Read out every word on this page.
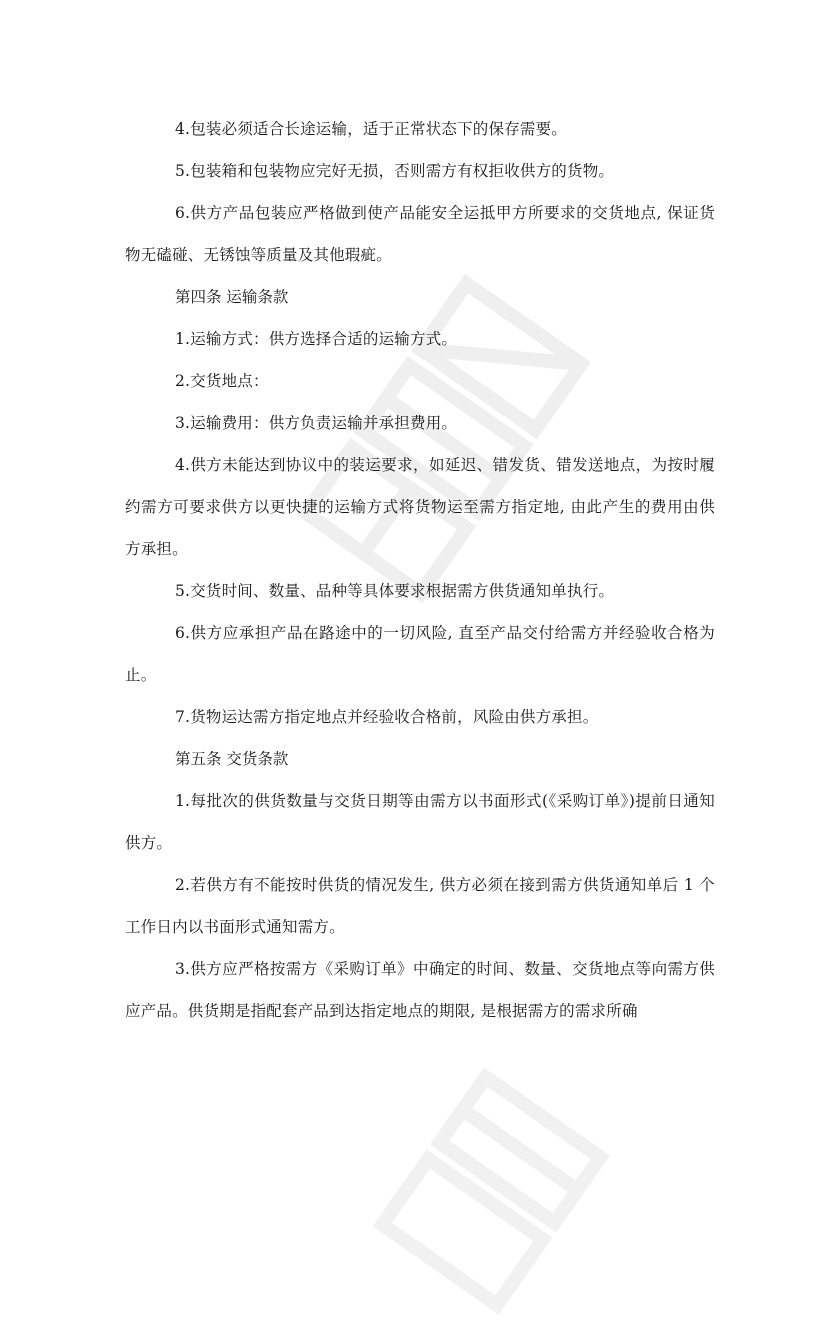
4.包装必须适合长途运输，适于正常状态下的保存需要。

5.包装箱和包装物应完好无损，否则需方有权拒收供方的货物。

6.供方产品包装应严格做到使产品能安全运抵甲方所要求的交货地点, 保证货物无磕碰、无锈蚀等质量及其他瑕疵。

第四条 运输条款

1.运输方式：供方选择合适的运输方式。

2.交货地点：

3.运输费用：供方负责运输并承担费用。

4.供方未能达到协议中的装运要求，如延迟、错发货、错发送地点，为按时履约需方可要求供方以更快捷的运输方式将货物运至需方指定地, 由此产生的费用由供方承担。

5.交货时间、数量、品种等具体要求根据需方供货通知单执行。

6.供方应承担产品在路途中的一切风险, 直至产品交付给需方并经验收合格为止。

7.货物运达需方指定地点并经验收合格前，风险由供方承担。

第五条 交货条款

1.每批次的供货数量与交货日期等由需方以书面形式(《采购订单》)提前日通知供方。

2.若供方有不能按时供货的情况发生, 供方必须在接到需方供货通知单后 1 个工作日内以书面形式通知需方。

3.供方应严格按需方《采购订单》中确定的时间、数量、交货地点等向需方供应产品。供货期是指配套产品到达指定地点的期限, 是根据需方的需求所确
